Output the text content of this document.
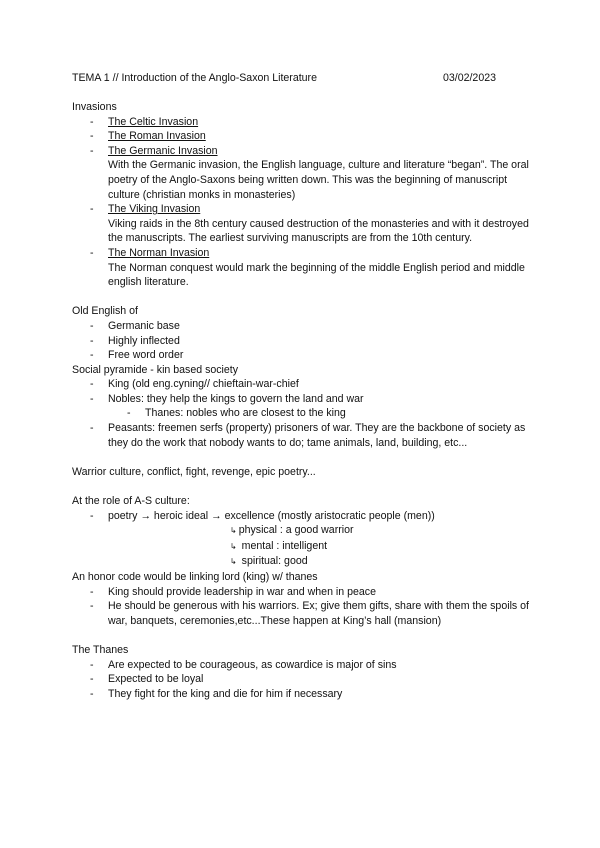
TEMA 1 // Introduction of the Anglo-Saxon Literature	03/02/2023
Invasions
- The Celtic Invasion
- The Roman Invasion
- The Germanic Invasion
With the Germanic invasion, the English language, culture and literature “began”. The oral poetry of the Anglo-Saxons being written down. This was the beginning of manuscript culture (christian monks in monasteries)
- The Viking Invasion
Viking raids in the 8th century caused destruction of the monasteries and with it destroyed the manuscripts. The earliest surviving manuscripts are from the 10th century.
- The Norman Invasion
The Norman conquest would mark the beginning of the middle English period and middle english literature.
Old English of
- Germanic base
- Highly inflected
- Free word order
Social pyramide - kin based society
- King (old eng.cyning// chieftain-war-chief
- Nobles: they help the kings to govern the land and war
- Thanes: nobles who are closest to the king
- Peasants: freemen serfs (property) prisoners of war. They are the backbone of society as they do the work that nobody wants to do; tame animals, land, building, etc...
Warrior culture, conflict, fight, revenge, epic poetry...
At the role of A-S culture:
- poetry → heroic ideal → excellence (mostly aristocratic people (men))
↳ physical : a good warrior
↳ mental : intelligent
↳ spiritual: good
An honor code would be linking lord (king) w/ thanes
- King should provide leadership in war and when in peace
- He should be generous with his warriors. Ex; give them gifts, share with them the spoils of war, banquets, ceremonies,etc...These happen at King’s hall (mansion)
The Thanes
- Are expected to be courageous, as cowardice is major of sins
- Expected to be loyal
- They fight for the king and die for him if necessary
